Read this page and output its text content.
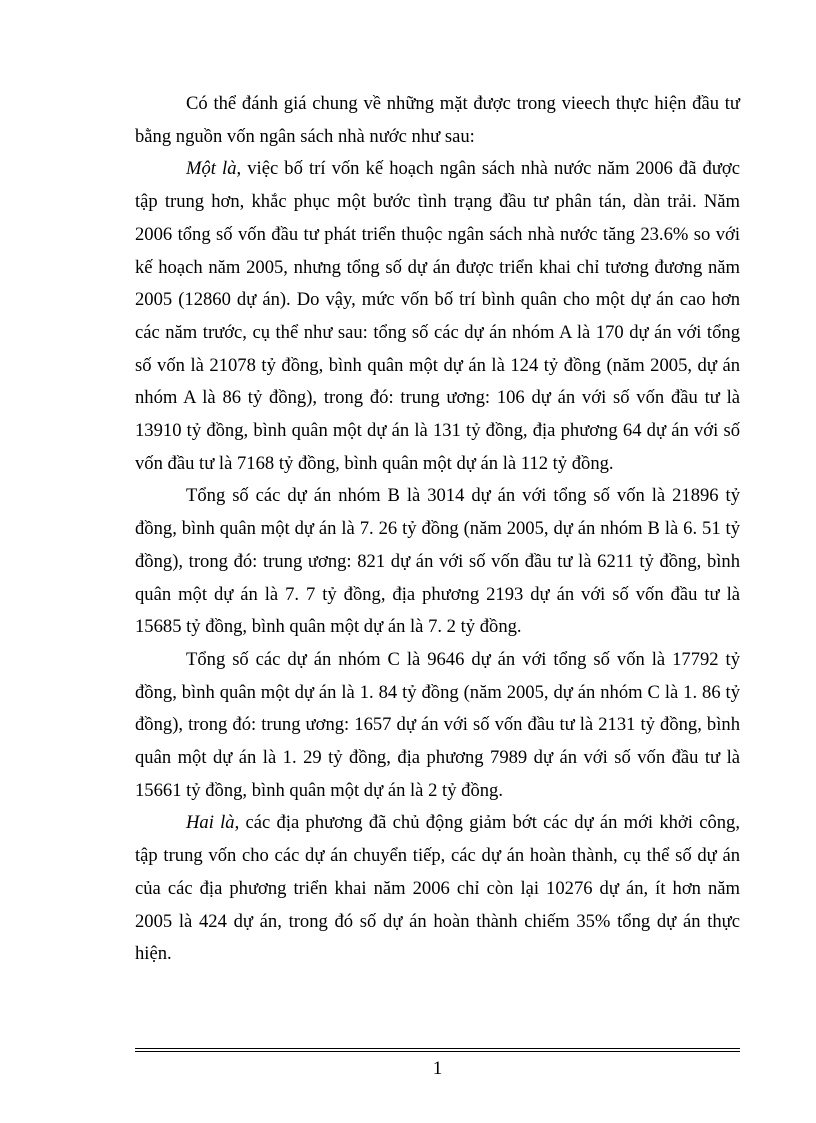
Có thể đánh giá chung về những mặt được trong vieech thực hiện đầu tư bằng nguồn vốn ngân sách nhà nước như sau:

Một là, việc bố trí vốn kế hoạch ngân sách nhà nước năm 2006 đã được tập trung hơn, khắc phục một bước tình trạng đầu tư phân tán, dàn trải. Năm 2006 tổng số vốn đầu tư phát triển thuộc ngân sách nhà nước tăng 23.6% so với kế hoạch năm 2005, nhưng tổng số dự án được triển khai chỉ tương đương năm 2005 (12860 dự án). Do vậy, mức vốn bố trí bình quân cho một dự án cao hơn các năm trước, cụ thể như sau: tổng số các dự án nhóm A là 170 dự án với tổng số vốn là 21078 tỷ đồng, bình quân một dự án là 124 tỷ đồng (năm 2005, dự án nhóm A là 86 tỷ đồng), trong đó: trung ương: 106 dự án với số vốn đầu tư là 13910 tỷ đồng, bình quân một dự án là 131 tỷ đồng, địa phương 64 dự án với số vốn đầu tư là 7168 tỷ đồng, bình quân một dự án là 112 tỷ đồng.

Tổng số các dự án nhóm B là 3014 dự án với tổng số vốn là 21896 tỷ đồng, bình quân một dự án là 7. 26 tỷ đồng (năm 2005, dự án nhóm B là 6. 51 tỷ đồng), trong đó: trung ương: 821 dự án với số vốn đầu tư là 6211 tỷ đồng, bình quân một dự án là 7. 7 tỷ đồng, địa phương 2193 dự án với số vốn đầu tư là 15685 tỷ đồng, bình quân một dự án là 7. 2 tỷ đồng.

Tổng số các dự án nhóm C là 9646 dự án với tổng số vốn là 17792 tỷ đồng, bình quân một dự án là 1. 84 tỷ đồng (năm 2005, dự án nhóm C là 1. 86 tỷ đồng), trong đó: trung ương: 1657 dự án với số vốn đầu tư là 2131 tỷ đồng, bình quân một dự án là 1. 29 tỷ đồng, địa phương 7989 dự án với số vốn đầu tư là 15661 tỷ đồng, bình quân một dự án là 2 tỷ đồng.

Hai là, các địa phương đã chủ động giảm bớt các dự án mới khởi công, tập trung vốn cho các dự án chuyển tiếp, các dự án hoàn thành, cụ thể số dự án của các địa phương triển khai năm 2006 chỉ còn lại 10276 dự án, ít hơn năm 2005 là 424 dự án, trong đó số dự án hoàn thành chiếm 35% tổng dự án thực hiện.

1
